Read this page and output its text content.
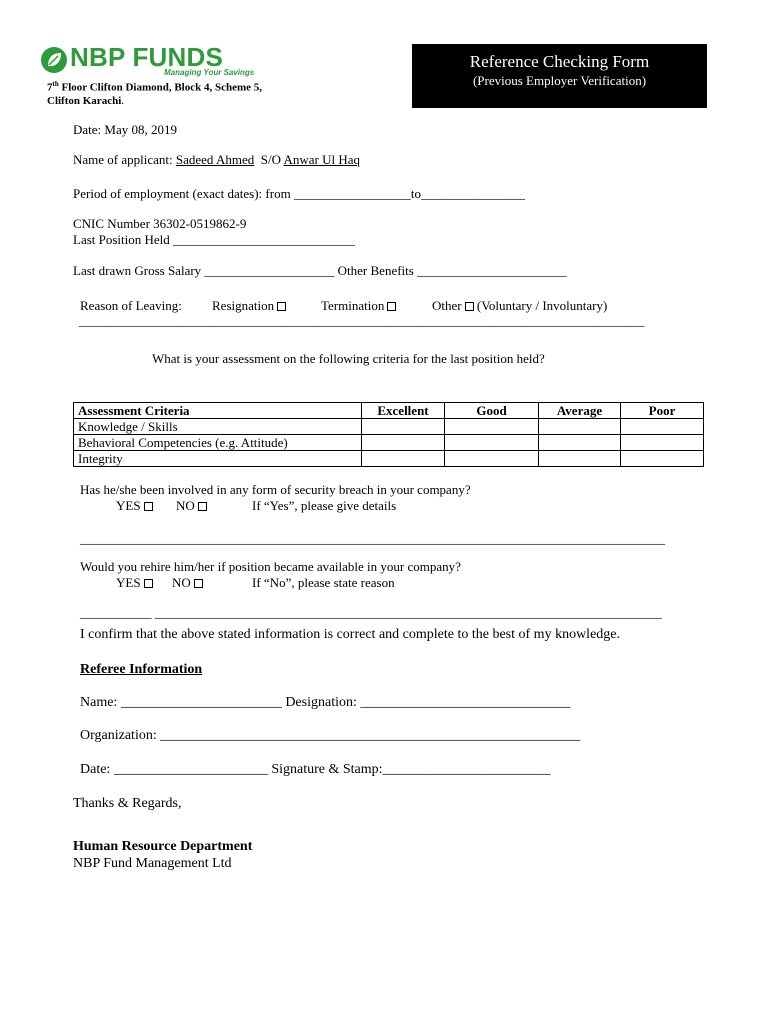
NBP FUNDS
Managing Your Savings
7th Floor Clifton Diamond, Block 4, Scheme 5,
Clifton Karachi.
Reference Checking Form
(Previous Employer Verification)
Date: May 08, 2019
Name of applicant: Sadeed Ahmed  S/O Anwar Ul Haq
Period of employment (exact dates): from __________________to________________
CNIC Number 36302-0519862-9
Last Position Held ____________________________
Last drawn Gross Salary ____________________ Other Benefits _______________________
Reason of Leaving: Resignation	Termination	Other (Voluntary / Involuntary)
_______________________________________________________________________________________
What is your assessment on the following criteria for the last position held?
Assessment Criteria	Excellent	Good	Average	Poor
Knowledge / Skills				
Behavioral Competencies (e.g. Attitude)				
Integrity				
Has he/she been involved in any form of security breach in your company?
YES	NO	If “Yes”, please give details
__________________________________________________________________________________________
Would you rehire him/her if position became available in your company?
YES	NO	If “No”, please state reason
___________ ______________________________________________________________________________
I confirm that the above stated information is correct and complete to the best of my knowledge.
Referee Information
Name: _______________________ Designation: ______________________________
Organization: ____________________________________________________________
Date: ______________________ Signature & Stamp:________________________
Thanks & Regards,
Human Resource Department
NBP Fund Management Ltd
